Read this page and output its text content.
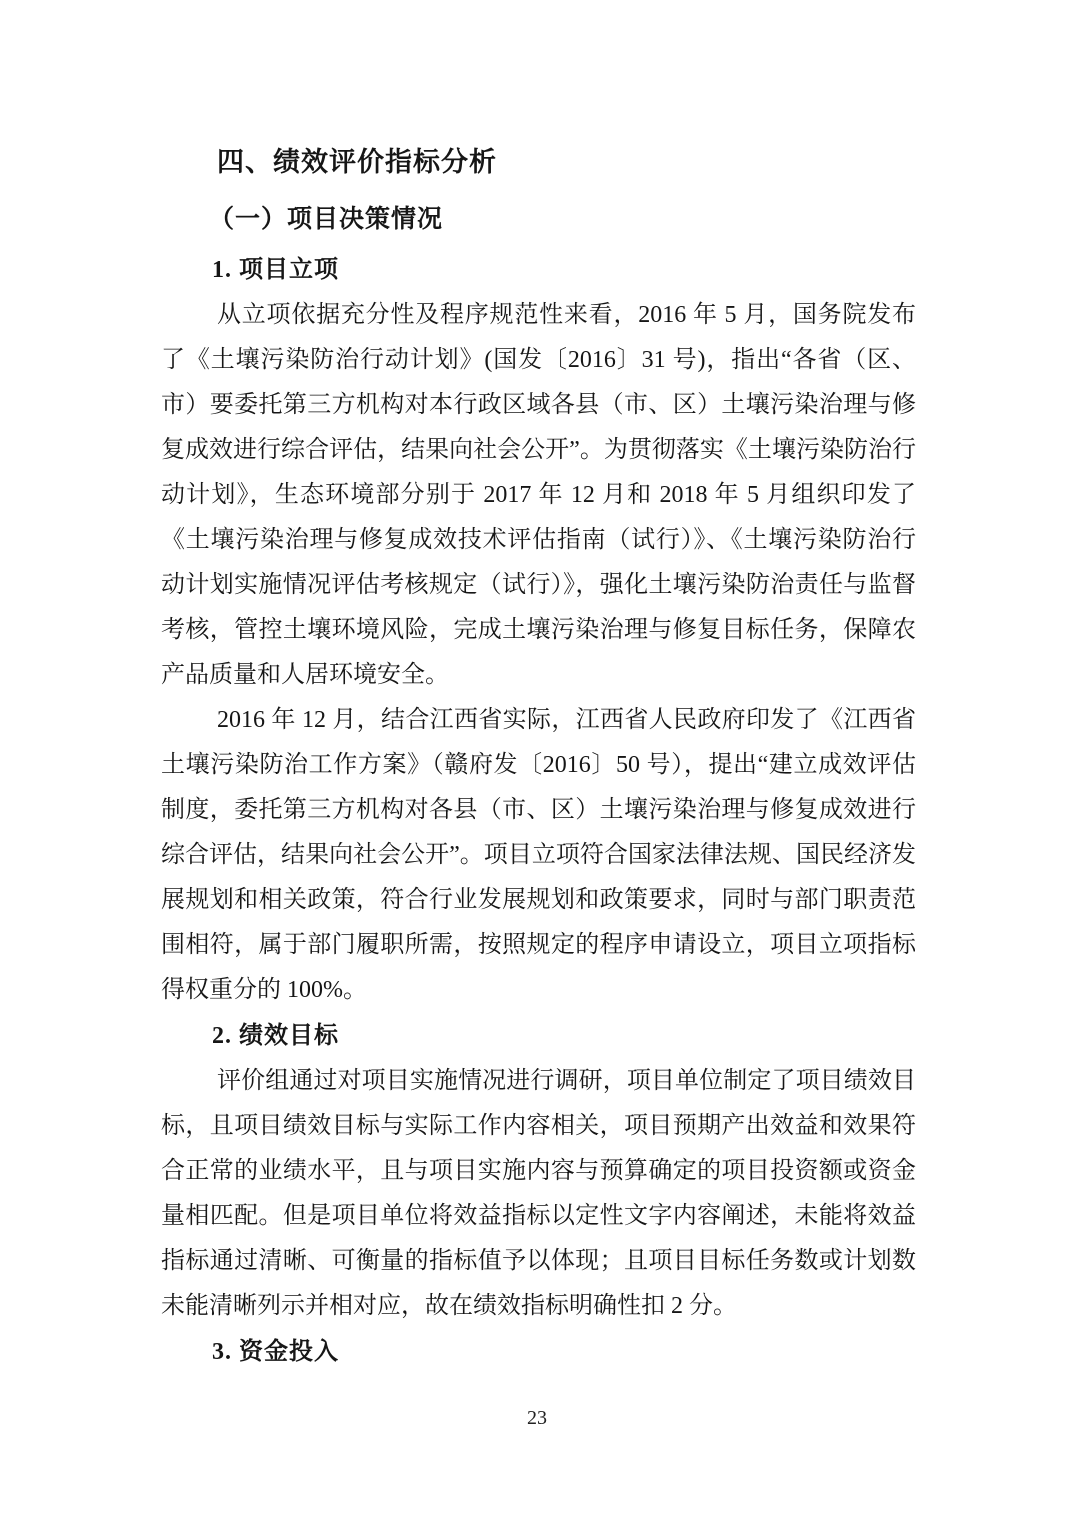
四、绩效评价指标分析
（一）项目决策情况
1. 项目立项

从立项依据充分性及程序规范性来看，2016 年 5 月，国务院发布了《土壤污染防治行动计划》(国发〔2016〕31 号)，指出“各省（区、市）要委托第三方机构对本行政区域各县（市、区）土壤污染治理与修复成效进行综合评估，结果向社会公开”。为贯彻落实《土壤污染防治行动计划》，生态环境部分别于 2017 年 12 月和 2018 年 5 月组织印发了《土壤污染治理与修复成效技术评估指南（试行）》、《土壤污染防治行动计划实施情况评估考核规定（试行）》，强化土壤污染防治责任与监督考核，管控土壤环境风险，完成土壤污染治理与修复目标任务，保障农产品质量和人居环境安全。

2016 年 12 月，结合江西省实际，江西省人民政府印发了《江西省土壤污染防治工作方案》（赣府发〔2016〕50 号），提出“建立成效评估制度，委托第三方机构对各县（市、区）土壤污染治理与修复成效进行综合评估，结果向社会公开”。项目立项符合国家法律法规、国民经济发展规划和相关政策，符合行业发展规划和政策要求，同时与部门职责范围相符，属于部门履职所需，按照规定的程序申请设立，项目立项指标得权重分的 100%。

2. 绩效目标

评价组通过对项目实施情况进行调研，项目单位制定了项目绩效目标，且项目绩效目标与实际工作内容相关，项目预期产出效益和效果符合正常的业绩水平，且与项目实施内容与预算确定的项目投资额或资金量相匹配。但是项目单位将效益指标以定性文字内容阐述，未能将效益指标通过清晰、可衡量的指标值予以体现；且项目目标任务数或计划数未能清晰列示并相对应，故在绩效指标明确性扣 2 分。

3. 资金投入
23
